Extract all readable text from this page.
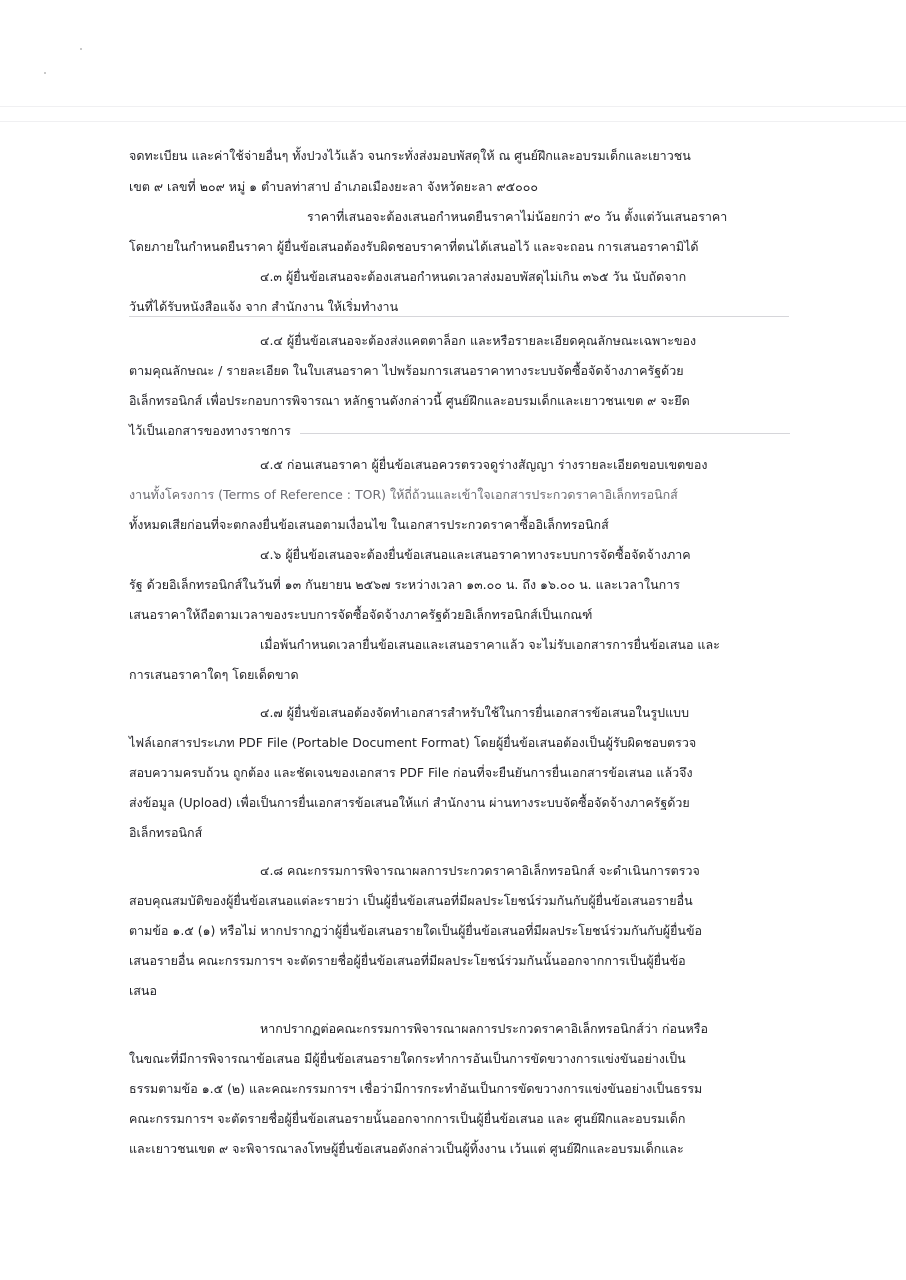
จดทะเบียน และค่าใช้จ่ายอื่นๆ ทั้งปวงไว้แล้ว จนกระทั่งส่งมอบพัสดุให้ ณ ศูนย์ฝึกและอบรมเด็กและเยาวชน
เขต ๙ เลขที่ ๒๐๙ หมู่ ๑ ตำบลท่าสาป อำเภอเมืองยะลา จังหวัดยะลา ๙๕๐๐๐
ราคาที่เสนอจะต้องเสนอกำหนดยืนราคาไม่น้อยกว่า ๙๐ วัน ตั้งแต่วันเสนอราคา
โดยภายในกำหนดยืนราคา ผู้ยื่นข้อเสนอต้องรับผิดชอบราคาที่ตนได้เสนอไว้ และจะถอน การเสนอราคามิได้
๔.๓ ผู้ยื่นข้อเสนอจะต้องเสนอกำหนดเวลาส่งมอบพัสดุไม่เกิน ๓๖๕ วัน นับถัดจาก
วันที่ได้รับหนังสือแจ้ง จาก สำนักงาน ให้เริ่มทำงาน
๔.๔ ผู้ยื่นข้อเสนอจะต้องส่งแคตตาล็อก และหรือรายละเอียดคุณลักษณะเฉพาะของ
ตามคุณลักษณะ / รายละเอียด ในใบเสนอราคา ไปพร้อมการเสนอราคาทางระบบจัดซื้อจัดจ้างภาครัฐด้วย
อิเล็กทรอนิกส์ เพื่อประกอบการพิจารณา หลักฐานดังกล่าวนี้ ศูนย์ฝึกและอบรมเด็กและเยาวชนเขต ๙ จะยึด
ไว้เป็นเอกสารของทางราชการ
๔.๕ ก่อนเสนอราคา ผู้ยื่นข้อเสนอควรตรวจดูร่างสัญญา ร่างรายละเอียดขอบเขตของ
งานทั้งโครงการ (Terms of Reference : TOR) ให้ถี่ถ้วนและเข้าใจเอกสารประกวดราคาอิเล็กทรอนิกส์
ทั้งหมดเสียก่อนที่จะตกลงยื่นข้อเสนอตามเงื่อนไข ในเอกสารประกวดราคาซื้ออิเล็กทรอนิกส์
๔.๖ ผู้ยื่นข้อเสนอจะต้องยื่นข้อเสนอและเสนอราคาทางระบบการจัดซื้อจัดจ้างภาค
รัฐ ด้วยอิเล็กทรอนิกส์ในวันที่ ๑๓ กันยายน ๒๕๖๗ ระหว่างเวลา ๑๓.๐๐ น. ถึง ๑๖.๐๐ น. และเวลาในการ
เสนอราคาให้ถือตามเวลาของระบบการจัดซื้อจัดจ้างภาครัฐด้วยอิเล็กทรอนิกส์เป็นเกณฑ์
เมื่อพ้นกำหนดเวลายื่นข้อเสนอและเสนอราคาแล้ว จะไม่รับเอกสารการยื่นข้อเสนอ และ
การเสนอราคาใดๆ โดยเด็ดขาด
๔.๗ ผู้ยื่นข้อเสนอต้องจัดทำเอกสารสำหรับใช้ในการยื่นเอกสารข้อเสนอในรูปแบบ
ไฟล์เอกสารประเภท PDF File (Portable Document Format) โดยผู้ยื่นข้อเสนอต้องเป็นผู้รับผิดชอบตรวจ
สอบความครบถ้วน ถูกต้อง และชัดเจนของเอกสาร PDF File ก่อนที่จะยืนยันการยื่นเอกสารข้อเสนอ แล้วจึง
ส่งข้อมูล (Upload) เพื่อเป็นการยื่นเอกสารข้อเสนอให้แก่ สำนักงาน ผ่านทางระบบจัดซื้อจัดจ้างภาครัฐด้วย
อิเล็กทรอนิกส์
๔.๘ คณะกรรมการพิจารณาผลการประกวดราคาอิเล็กทรอนิกส์ จะดำเนินการตรวจ
สอบคุณสมบัติของผู้ยื่นข้อเสนอแต่ละรายว่า เป็นผู้ยื่นข้อเสนอที่มีผลประโยชน์ร่วมกันกับผู้ยื่นข้อเสนอรายอื่น
ตามข้อ ๑.๕ (๑) หรือไม่ หากปรากฏว่าผู้ยื่นข้อเสนอรายใดเป็นผู้ยื่นข้อเสนอที่มีผลประโยชน์ร่วมกันกับผู้ยื่นข้อ
เสนอรายอื่น คณะกรรมการฯ จะตัดรายชื่อผู้ยื่นข้อเสนอที่มีผลประโยชน์ร่วมกันนั้นออกจากการเป็นผู้ยื่นข้อ
เสนอ
หากปรากฏต่อคณะกรรมการพิจารณาผลการประกวดราคาอิเล็กทรอนิกส์ว่า ก่อนหรือ
ในขณะที่มีการพิจารณาข้อเสนอ มีผู้ยื่นข้อเสนอรายใดกระทำการอันเป็นการขัดขวางการแข่งขันอย่างเป็น
ธรรมตามข้อ ๑.๕ (๒) และคณะกรรมการฯ เชื่อว่ามีการกระทำอันเป็นการขัดขวางการแข่งขันอย่างเป็นธรรม
คณะกรรมการฯ จะตัดรายชื่อผู้ยื่นข้อเสนอรายนั้นออกจากการเป็นผู้ยื่นข้อเสนอ และ ศูนย์ฝึกและอบรมเด็ก
และเยาวชนเขต ๙ จะพิจารณาลงโทษผู้ยื่นข้อเสนอดังกล่าวเป็นผู้ทิ้งงาน เว้นแต่ ศูนย์ฝึกและอบรมเด็กและ
